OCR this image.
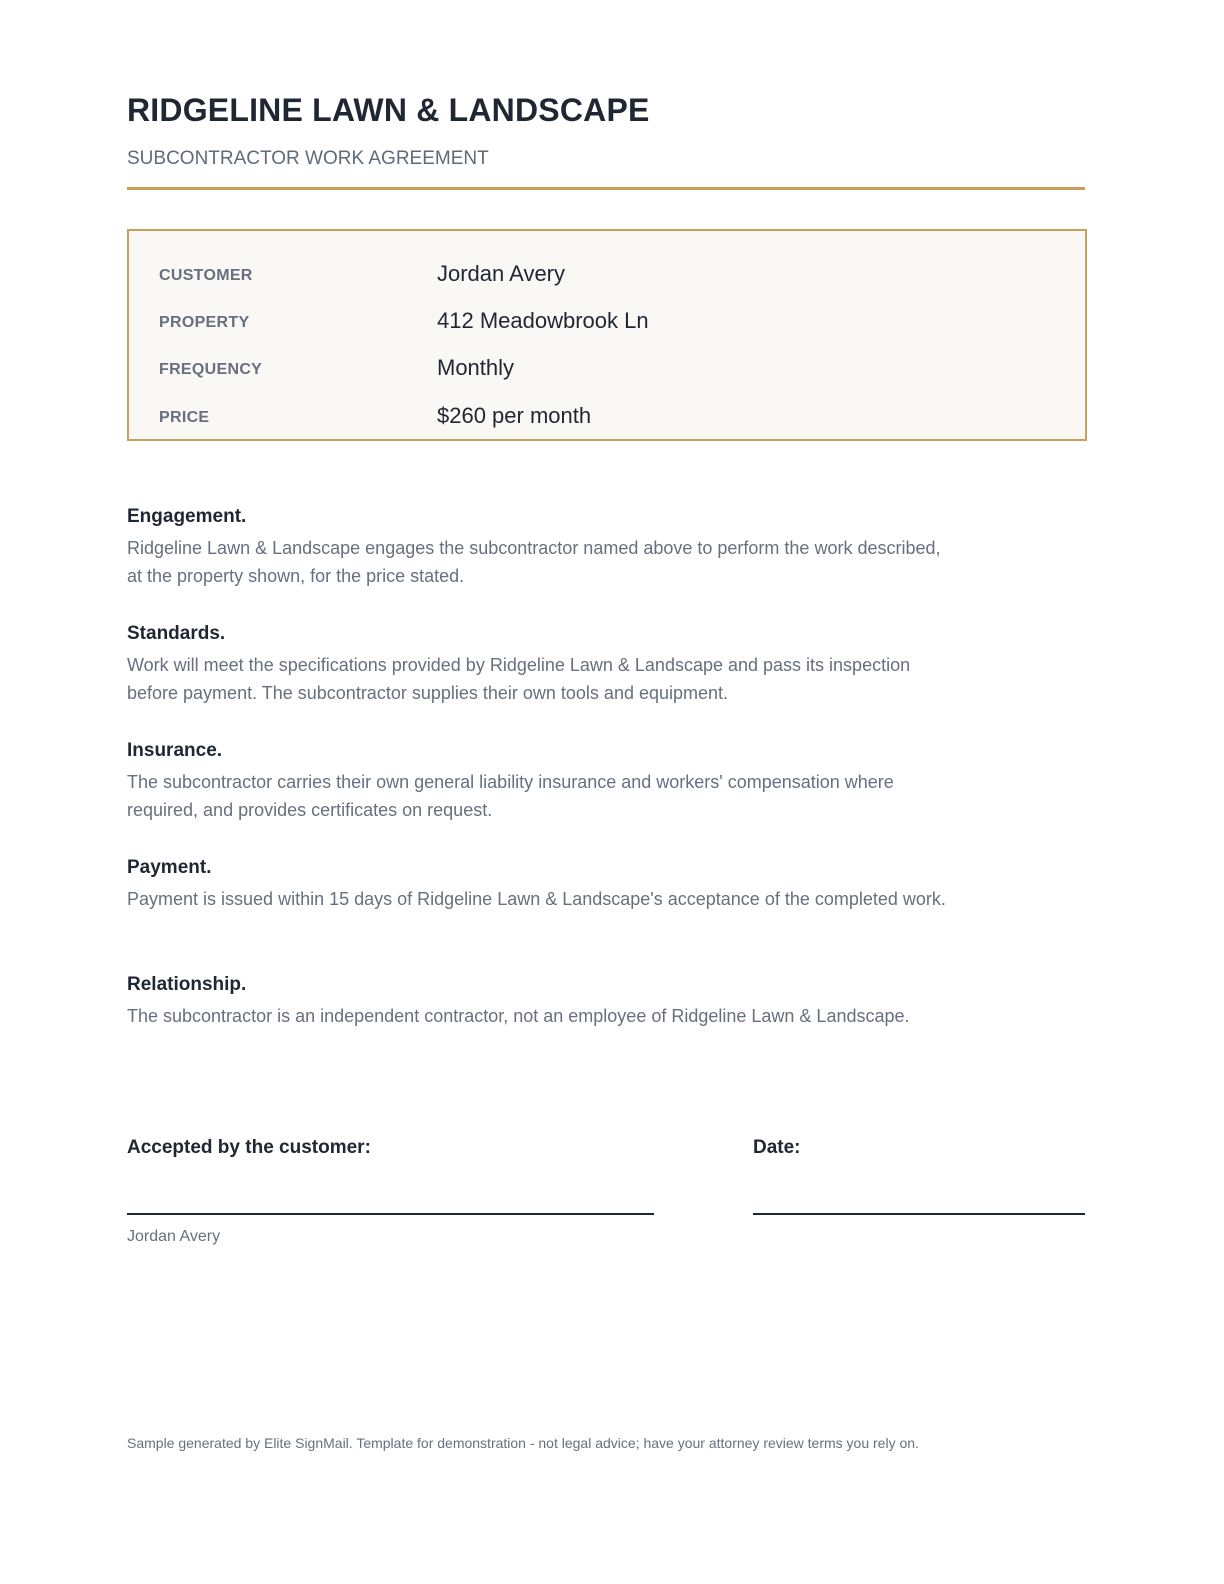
RIDGELINE LAWN & LANDSCAPE
SUBCONTRACTOR WORK AGREEMENT
CUSTOMER	Jordan Avery
PROPERTY	412 Meadowbrook Ln
FREQUENCY	Monthly
PRICE	$260 per month
Engagement.

Ridgeline Lawn & Landscape engages the subcontractor named above to perform the work described, at the property shown, for the price stated.

Standards.

Work will meet the specifications provided by Ridgeline Lawn & Landscape and pass its inspection before payment. The subcontractor supplies their own tools and equipment.

Insurance.

The subcontractor carries their own general liability insurance and workers' compensation where required, and provides certificates on request.

Payment.

Payment is issued within 15 days of Ridgeline Lawn & Landscape's acceptance of the completed work.

Relationship.

The subcontractor is an independent contractor, not an employee of Ridgeline Lawn & Landscape.

Accepted by the customer:	Date:
Jordan Avery
Sample generated by Elite SignMail. Template for demonstration - not legal advice; have your attorney review terms you rely on.
